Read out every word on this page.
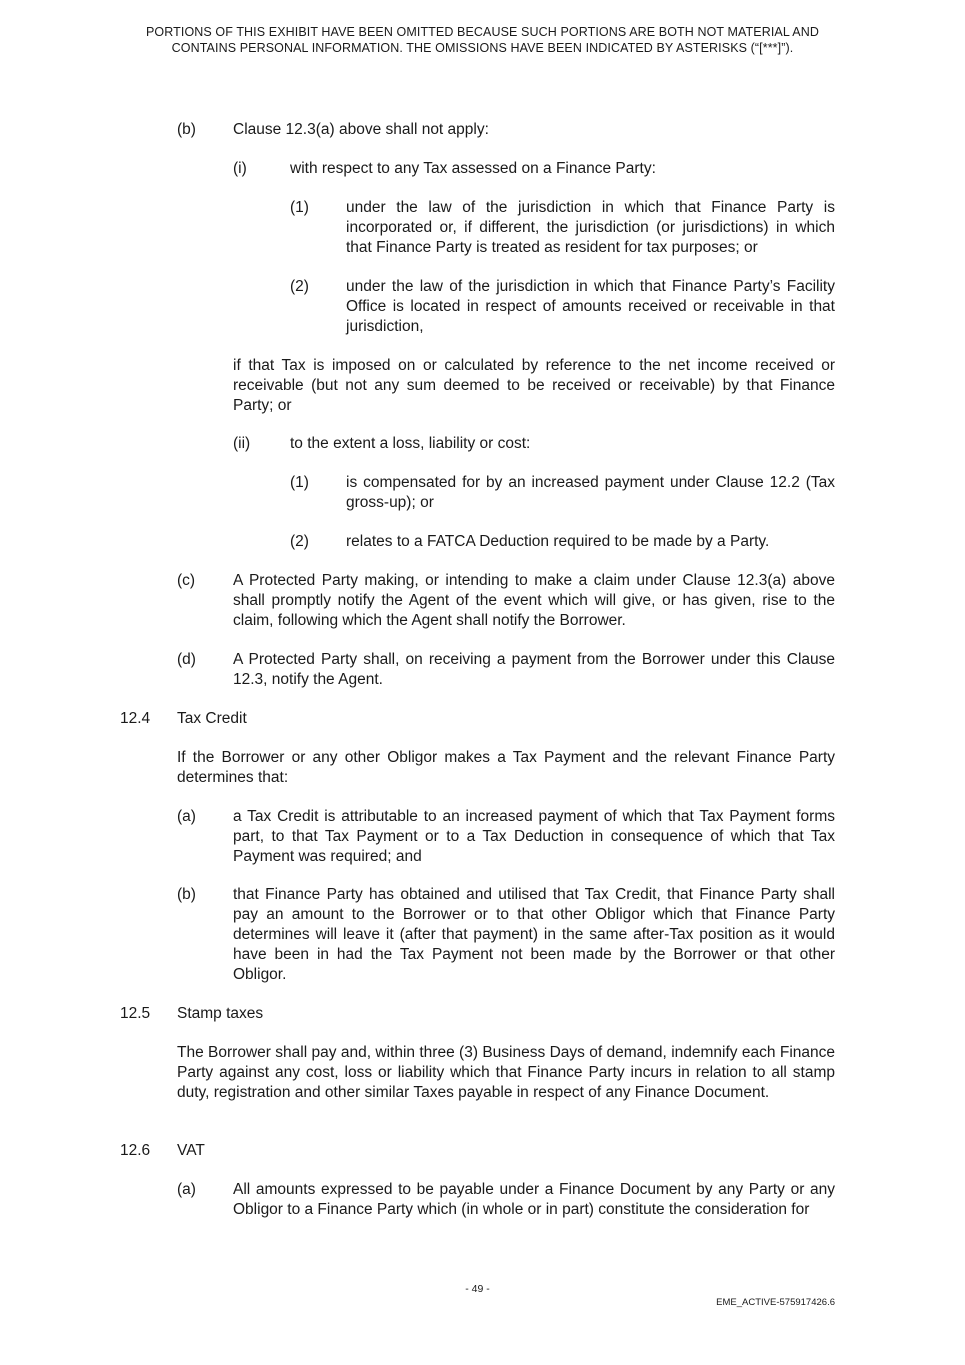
PORTIONS OF THIS EXHIBIT HAVE BEEN OMITTED BECAUSE SUCH PORTIONS ARE BOTH NOT MATERIAL AND
CONTAINS PERSONAL INFORMATION. THE OMISSIONS HAVE BEEN INDICATED BY ASTERISKS (“[***]”).
(b) Clause 12.3(a) above shall not apply:
(i)	with respect to any Tax assessed on a Finance Party:
(1) under the law of the jurisdiction in which that Finance Party is incorporated or, if different, the jurisdiction (or jurisdictions) in which that Finance Party is treated as resident for tax purposes; or
(2) under the law of the jurisdiction in which that Finance Party’s Facility Office is located in respect of amounts received or receivable in that jurisdiction,
if that Tax is imposed on or calculated by reference to the net income received or receivable (but not any sum deemed to be received or receivable) by that Finance Party; or
(ii)	to the extent a loss, liability or cost:
(1) is compensated for by an increased payment under Clause 12.2 (Tax gross-up); or
(2) relates to a FATCA Deduction required to be made by a Party.
(c) A Protected Party making, or intending to make a claim under Clause 12.3(a) above shall promptly notify the Agent of the event which will give, or has given, rise to the claim, following which the Agent shall notify the Borrower.
(d) A Protected Party shall, on receiving a payment from the Borrower under this Clause 12.3, notify the Agent.
12.4 Tax Credit
If the Borrower or any other Obligor makes a Tax Payment and the relevant Finance Party determines that:
(a) a Tax Credit is attributable to an increased payment of which that Tax Payment forms part, to that Tax Payment or to a Tax Deduction in consequence of which that Tax Payment was required; and
(b) that Finance Party has obtained and utilised that Tax Credit, that Finance Party shall pay an amount to the Borrower or to that other Obligor which that Finance Party determines will leave it (after that payment) in the same after-Tax position as it would have been in had the Tax Payment not been made by the Borrower or that other Obligor.
12.5 Stamp taxes
The Borrower shall pay and, within three (3) Business Days of demand, indemnify each Finance Party against any cost, loss or liability which that Finance Party incurs in relation to all stamp duty, registration and other similar Taxes payable in respect of any Finance Document.
12.6 VAT
(a) All amounts expressed to be payable under a Finance Document by any Party or any Obligor to a Finance Party which (in whole or in part) constitute the consideration for
- 49 -
EME_ACTIVE-575917426.6
